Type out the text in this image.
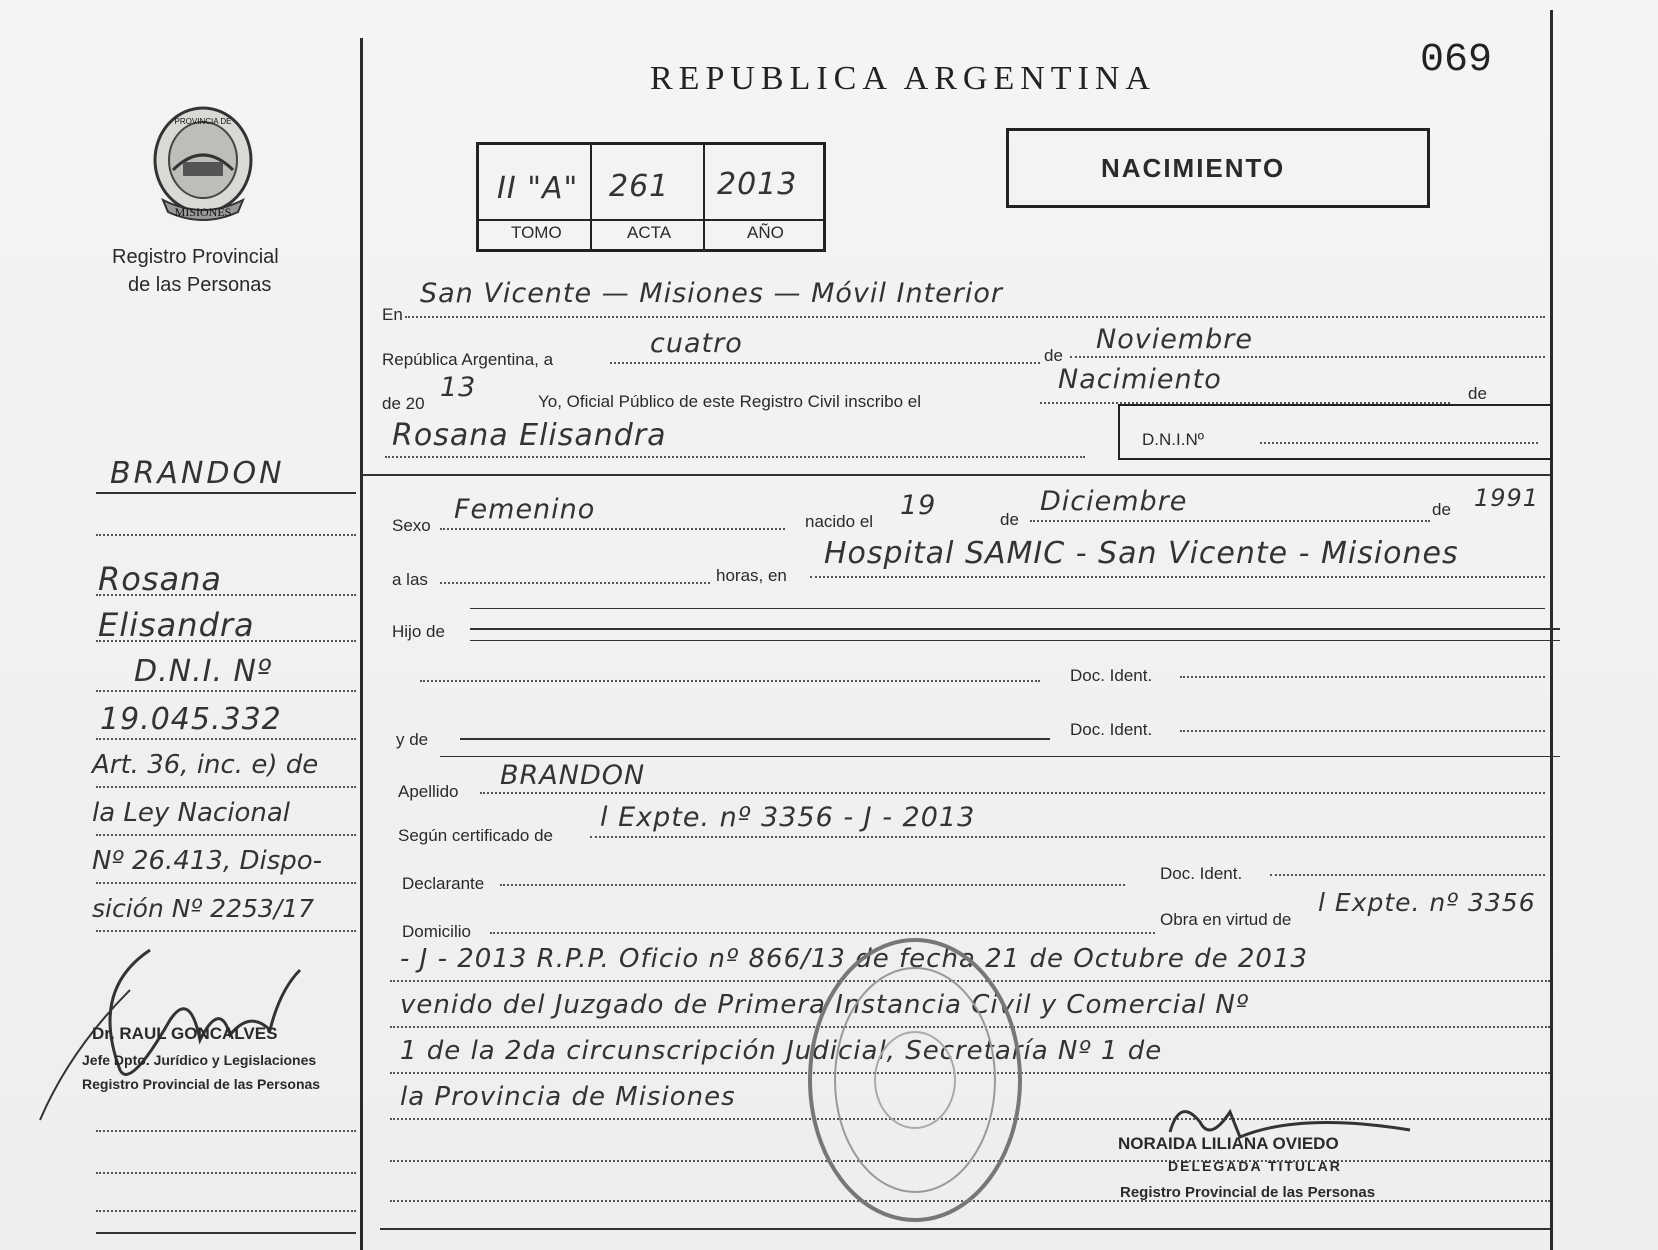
REPUBLICA ARGENTINA	069
MISIONES
PROVINCIA DE
Registro Provincial
de las Personas
II "A" 261 2013
TOMO	ACTA	AÑO
NACIMIENTO
En
San Vicente — Misiones — Móvil Interior
República Argentina, a
cuatro	de
Noviembre
de 20
13	Yo, Oficial Público de este Registro Civil inscribo el
Nacimiento	de
Rosana Elisandra	D.N.I.Nº
Sexo
Femenino	nacido el
19	de
Diciembre	de 1991
a las	horas, en
Hospital SAMIC - San Vicente - Misiones
Hijo de
Doc. Ident.
y de
Doc. Ident.
Apellido
BRANDON
Según certificado de
l Expte. nº 3356 - J - 2013
Declarante
Doc. Ident.
Domicilio
Obra en virtud de
l Expte. nº 3356
- J - 2013 R.P.P. Oficio nº 866/13 de fecha 21 de Octubre de 2013
venido del Juzgado de Primera Instancia Civil y Comercial Nº
1 de la 2da circunscripción Judicial, Secretaría Nº 1 de
la Provincia de Misiones
NORAIDA LILIANA OVIEDO
DELEGADA TITULAR
Registro Provincial de las Personas
BRANDON
Rosana
Elisandra
D.N.I. Nº
19.045.332
Art. 36, inc. e) de
la Ley Nacional
Nº 26.413, Dispo-
sición Nº 2253/17
Dr. RAUL GONCALVES
Jefe Dpto. Jurídico y Legislaciones
Registro Provincial de las Personas
